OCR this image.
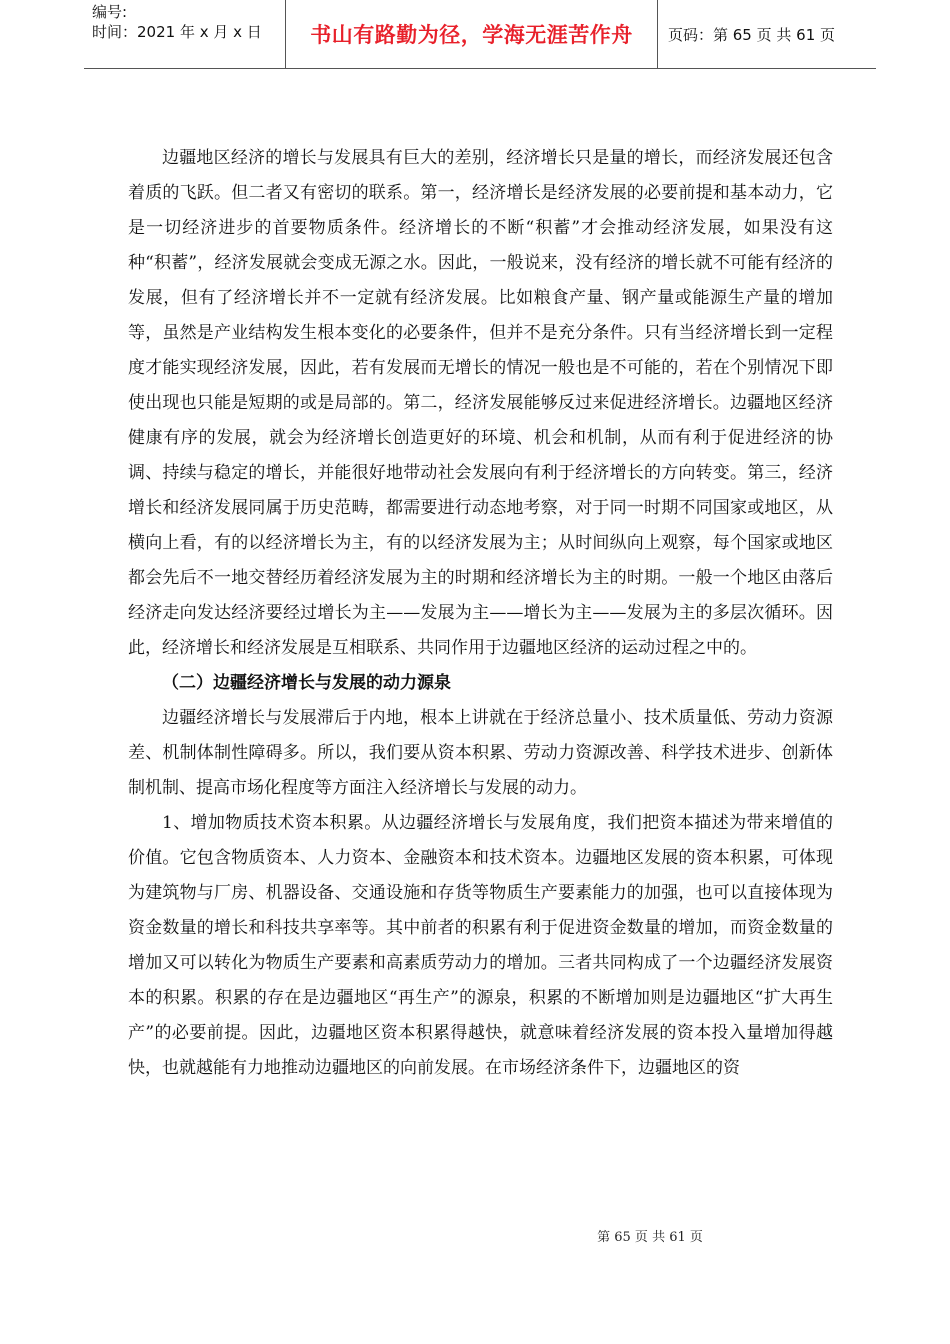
编号:
时间：2021 年 x 月 x 日	书山有路勤为径，学海无涯苦作舟	页码：第 65 页 共 61 页

边疆地区经济的增长与发展具有巨大的差别，经济增长只是量的增长，而经济发展还包含着质的飞跃。但二者又有密切的联系。第一，经济增长是经济发展的必要前提和基本动力，它是一切经济进步的首要物质条件。经济增长的不断“积蓄”才会推动经济发展，如果没有这种“积蓄”，经济发展就会变成无源之水。因此，一般说来，没有经济的增长就不可能有经济的发展，但有了经济增长并不一定就有经济发展。比如粮食产量、钢产量或能源生产量的增加等，虽然是产业结构发生根本变化的必要条件，但并不是充分条件。只有当经济增长到一定程度才能实现经济发展，因此，若有发展而无增长的情况一般也是不可能的，若在个别情况下即使出现也只能是短期的或是局部的。第二，经济发展能够反过来促进经济增长。边疆地区经济健康有序的发展，就会为经济增长创造更好的环境、机会和机制，从而有利于促进经济的协调、持续与稳定的增长，并能很好地带动社会发展向有利于经济增长的方向转变。第三，经济增长和经济发展同属于历史范畴，都需要进行动态地考察，对于同一时期不同国家或地区，从横向上看，有的以经济增长为主，有的以经济发展为主；从时间纵向上观察，每个国家或地区都会先后不一地交替经历着经济发展为主的时期和经济增长为主的时期。一般一个地区由落后经济走向发达经济要经过增长为主——发展为主——增长为主——发展为主的多层次循环。因此，经济增长和经济发展是互相联系、共同作用于边疆地区经济的运动过程之中的。

（二）边疆经济增长与发展的动力源泉

边疆经济增长与发展滞后于内地，根本上讲就在于经济总量小、技术质量低、劳动力资源差、机制体制性障碍多。所以，我们要从资本积累、劳动力资源改善、科学技术进步、创新体制机制、提高市场化程度等方面注入经济增长与发展的动力。

1、增加物质技术资本积累。从边疆经济增长与发展角度，我们把资本描述为带来增值的价值。它包含物质资本、人力资本、金融资本和技术资本。边疆地区发展的资本积累，可体现为建筑物与厂房、机器设备、交通设施和存货等物质生产要素能力的加强，也可以直接体现为资金数量的增长和科技共享率等。其中前者的积累有利于促进资金数量的增加，而资金数量的增加又可以转化为物质生产要素和高素质劳动力的增加。三者共同构成了一个边疆经济发展资本的积累。积累的存在是边疆地区“再生产”的源泉，积累的不断增加则是边疆地区“扩大再生产”的必要前提。因此，边疆地区资本积累得越快，就意味着经济发展的资本投入量增加得越快，也就越能有力地推动边疆地区的向前发展。在市场经济条件下，边疆地区的资

第 65 页 共 61 页
